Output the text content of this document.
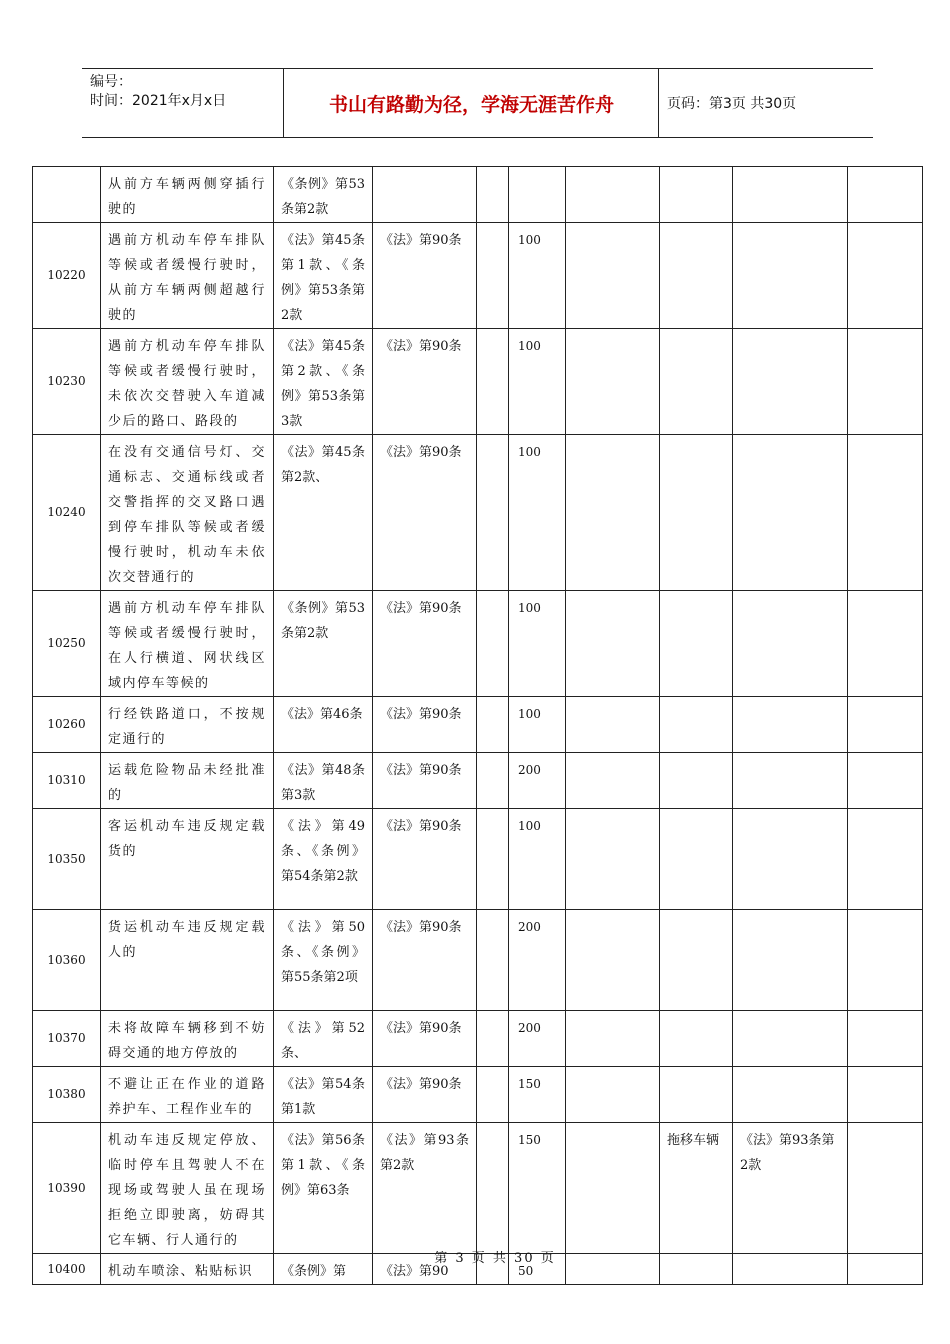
编号：
时间：2021年x月x日	书山有路勤为径，学海无涯苦作舟	页码：第3页 共30页
	从前方车辆两侧穿插行驶的	《条例》第53条第2款							
10220	遇前方机动车停车排队等候或者缓慢行驶时，从前方车辆两侧超越行驶的	《法》第45条第1款、《条例》第53条第2款	《法》第90条		100				
10230	遇前方机动车停车排队等候或者缓慢行驶时，未依次交替驶入车道减少后的路口、路段的	《法》第45条第2款、《条例》第53条第3款	《法》第90条		100				
10240	在没有交通信号灯、交通标志、交通标线或者交警指挥的交叉路口遇到停车排队等候或者缓慢行驶时，机动车未依次交替通行的	《法》第45条第2款、	《法》第90条		100				
10250	遇前方机动车停车排队等候或者缓慢行驶时，在人行横道、网状线区域内停车等候的	《条例》第53条第2款	《法》第90条		100				
10260	行经铁路道口，不按规定通行的	《法》第46条	《法》第90条		100				
10310	运载危险物品未经批准的	《法》第48条第3款	《法》第90条		200				
10350	客运机动车违反规定载货的	《法》第49条、《条例》第54条第2款	《法》第90条		100				
10360	货运机动车违反规定载人的	《法》第50条、《条例》第55条第2项	《法》第90条		200				
10370	未将故障车辆移到不妨碍交通的地方停放的	《法》第52条、	《法》第90条		200				
10380	不避让正在作业的道路养护车、工程作业车的	《法》第54条第1款	《法》第90条		150				
10390	机动车违反规定停放、临时停车且驾驶人不在现场或驾驶人虽在现场拒绝立即驶离，妨碍其它车辆、行人通行的	《法》第56条第1款、《条例》第63条	《法》第93条第2款		150		拖移车辆	《法》第93条第2款	
10400	机动车喷涂、粘贴标识	《条例》第	《法》第90		50				
第 3 页 共 30 页
